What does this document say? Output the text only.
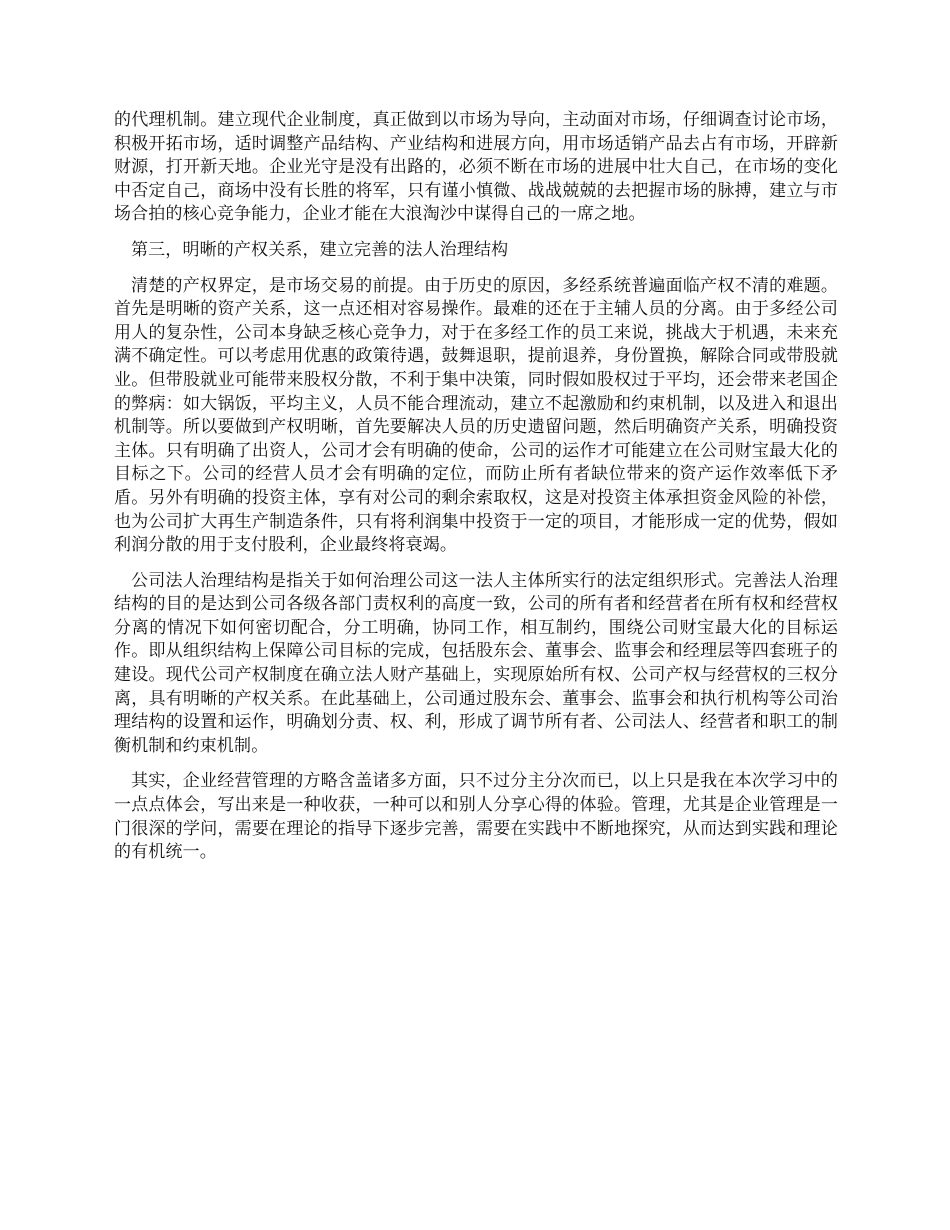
的代理机制。建立现代企业制度，真正做到以市场为导向，主动面对市场，仔细调查讨论市场，积极开拓市场，适时调整产品结构、产业结构和进展方向，用市场适销产品去占有市场，开辟新财源，打开新天地。企业光守是没有出路的，必须不断在市场的进展中壮大自己，在市场的变化中否定自己，商场中没有长胜的将军，只有谨小慎微、战战兢兢的去把握市场的脉搏，建立与市场合拍的核心竞争能力，企业才能在大浪淘沙中谋得自己的一席之地。

第三，明晰的产权关系，建立完善的法人治理结构

清楚的产权界定，是市场交易的前提。由于历史的原因，多经系统普遍面临产权不清的难题。首先是明晰的资产关系，这一点还相对容易操作。最难的还在于主辅人员的分离。由于多经公司用人的复杂性，公司本身缺乏核心竞争力，对于在多经工作的员工来说，挑战大于机遇，未来充满不确定性。可以考虑用优惠的政策待遇，鼓舞退职，提前退养，身份置换，解除合同或带股就业。但带股就业可能带来股权分散，不利于集中决策，同时假如股权过于平均，还会带来老国企的弊病：如大锅饭，平均主义，人员不能合理流动，建立不起激励和约束机制，以及进入和退出机制等。所以要做到产权明晰，首先要解决人员的历史遗留问题，然后明确资产关系，明确投资主体。只有明确了出资人，公司才会有明确的使命，公司的运作才可能建立在公司财宝最大化的目标之下。公司的经营人员才会有明确的定位，而防止所有者缺位带来的资产运作效率低下矛盾。另外有明确的投资主体，享有对公司的剩余索取权，这是对投资主体承担资金风险的补偿，也为公司扩大再生产制造条件，只有将利润集中投资于一定的项目，才能形成一定的优势，假如利润分散的用于支付股利，企业最终将衰竭。

公司法人治理结构是指关于如何治理公司这一法人主体所实行的法定组织形式。完善法人治理结构的目的是达到公司各级各部门责权利的高度一致，公司的所有者和经营者在所有权和经营权分离的情况下如何密切配合，分工明确，协同工作，相互制约，围绕公司财宝最大化的目标运作。即从组织结构上保障公司目标的完成，包括股东会、董事会、监事会和经理层等四套班子的建设。现代公司产权制度在确立法人财产基础上，实现原始所有权、公司产权与经营权的三权分离，具有明晰的产权关系。在此基础上，公司通过股东会、董事会、监事会和执行机构等公司治理结构的设置和运作，明确划分责、权、利，形成了调节所有者、公司法人、经营者和职工的制衡机制和约束机制。

其实，企业经营管理的方略含盖诸多方面，只不过分主分次而已，以上只是我在本次学习中的一点点体会，写出来是一种收获，一种可以和别人分享心得的体验。管理，尤其是企业管理是一门很深的学问，需要在理论的指导下逐步完善，需要在实践中不断地探究，从而达到实践和理论的有机统一。
